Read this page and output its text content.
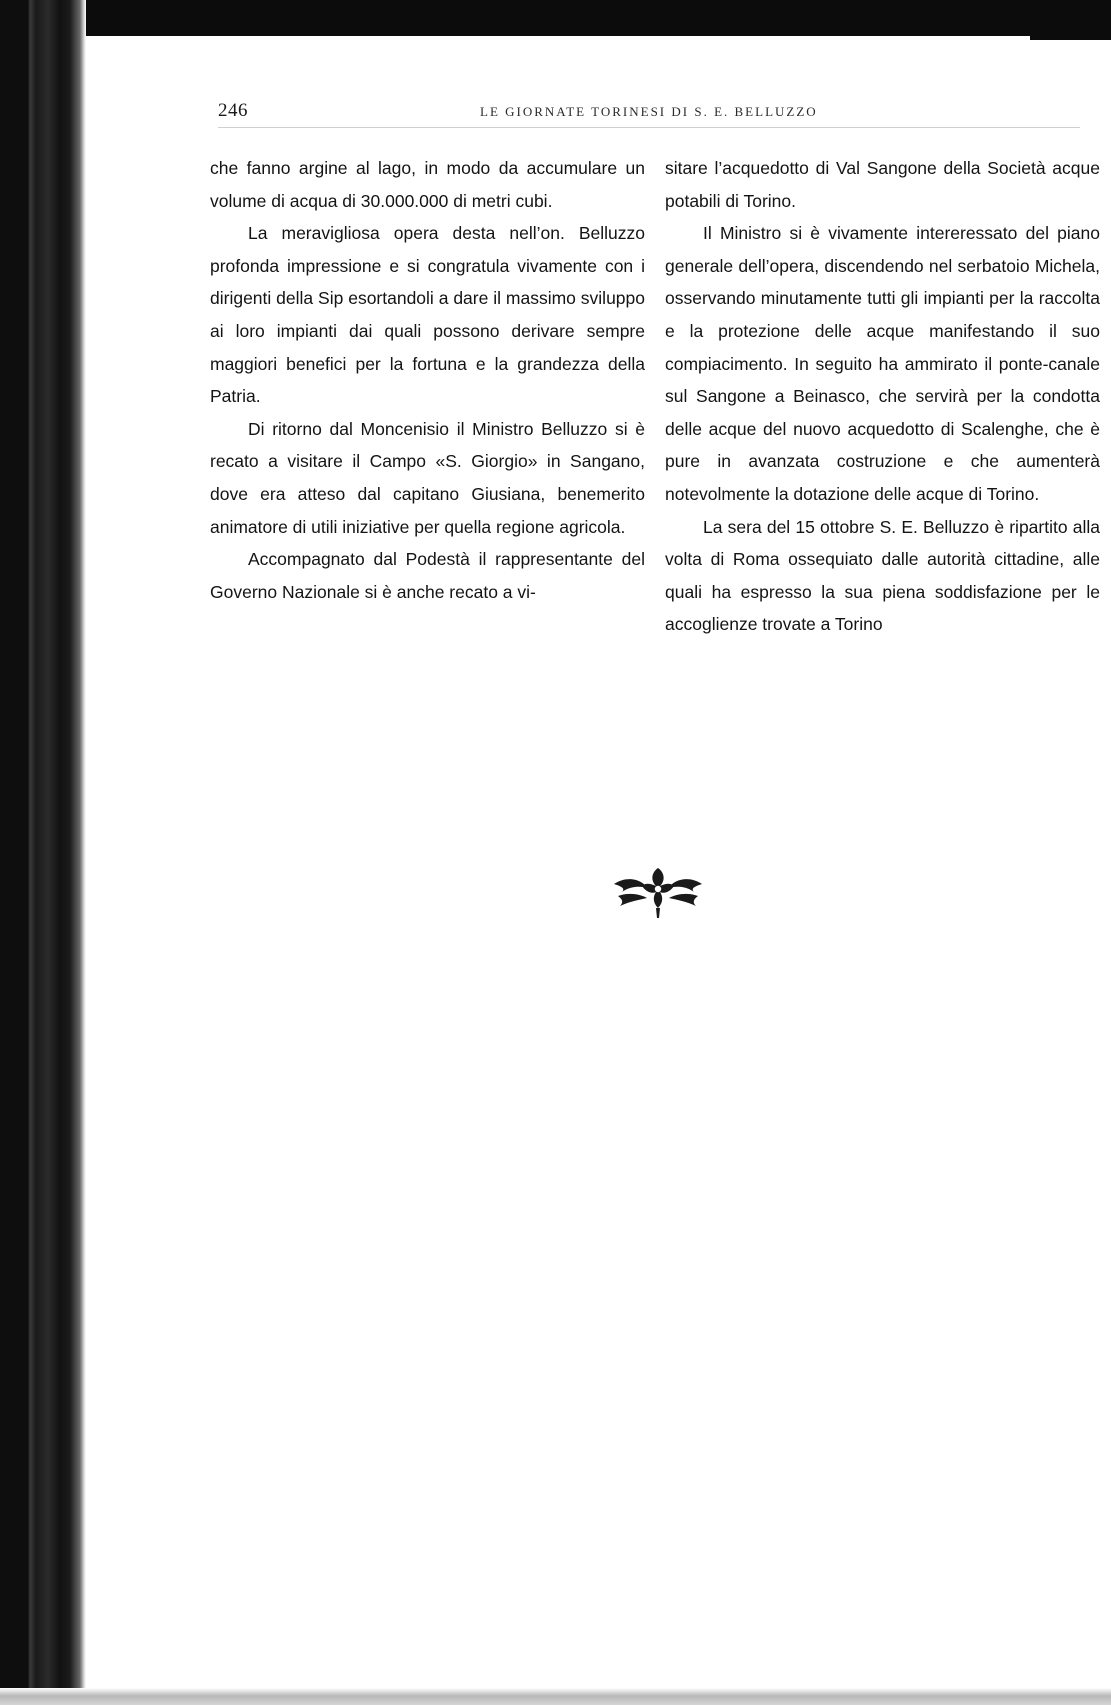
246	LE GIORNATE TORINESI DI S. E. BELLUZZO

che fanno argine al lago, in modo da accumulare un volume di acqua di 30.000.000 di metri cubi.

La meravigliosa opera desta nell’on. Belluzzo profonda impressione e si congratula vivamente con i dirigenti della Sip esortandoli a dare il massimo sviluppo ai loro impianti dai quali possono derivare sempre maggiori benefici per la fortuna e la grandezza della Patria.

Di ritorno dal Moncenisio il Ministro Belluzzo si è recato a visitare il Campo «S. Giorgio» in Sangano, dove era atteso dal capitano Giusiana, benemerito animatore di utili iniziative per quella regione agricola.

Accompagnato dal Podestà il rappresentante del Governo Nazionale si è anche recato a vi-

sitare l’acquedotto di Val Sangone della Società acque potabili di Torino.

Il Ministro si è vivamente intereressato del piano generale dell’opera, discendendo nel serbatoio Michela, osservando minutamente tutti gli impianti per la raccolta e la protezione delle acque manifestando il suo compiacimento. In seguito ha ammirato il ponte-canale sul Sangone a Beinasco, che servirà per la condotta delle acque del nuovo acquedotto di Scalenghe, che è pure in avanzata costruzione e che aumenterà notevolmente la dotazione delle acque di Torino.

La sera del 15 ottobre S. E. Belluzzo è ripartito alla volta di Roma ossequiato dalle autorità cittadine, alle quali ha espresso la sua piena soddisfazione per le accoglienze trovate a Torino
